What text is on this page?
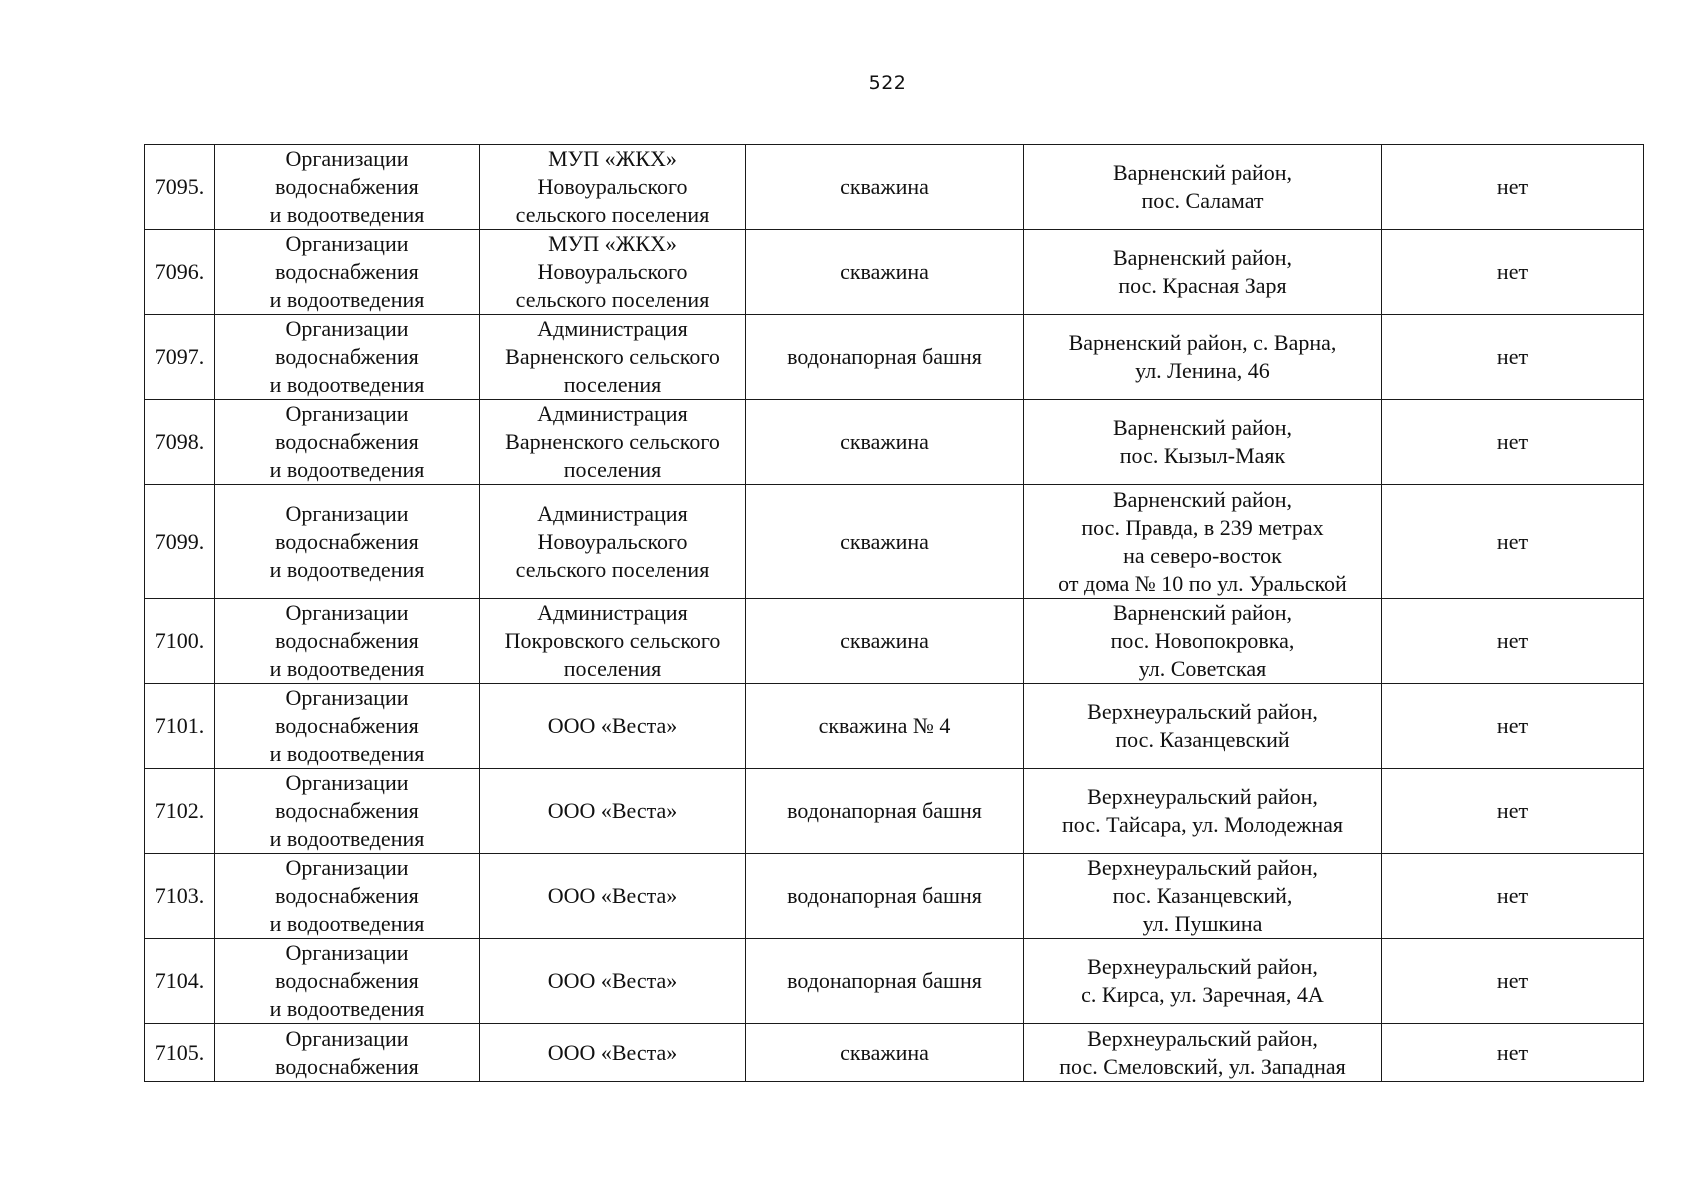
522
7095.	Организации
водоснабжения
и водоотведения	МУП «ЖКХ»
Новоуральского
сельского поселения	скважина	Варненский район,
пос. Саламат	нет
7096.	Организации
водоснабжения
и водоотведения	МУП «ЖКХ»
Новоуральского
сельского поселения	скважина	Варненский район,
пос. Красная Заря	нет
7097.	Организации
водоснабжения
и водоотведения	Администрация
Варненского сельского
поселения	водонапорная башня	Варненский район, с. Варна,
ул. Ленина, 46	нет
7098.	Организации
водоснабжения
и водоотведения	Администрация
Варненского сельского
поселения	скважина	Варненский район,
пос. Кызыл-Маяк	нет
7099.	Организации
водоснабжения
и водоотведения	Администрация
Новоуральского
сельского поселения	скважина	Варненский район,
пос. Правда, в 239 метрах
на северо-восток
от дома № 10 по ул. Уральской	нет
7100.	Организации
водоснабжения
и водоотведения	Администрация
Покровского сельского
поселения	скважина	Варненский район,
пос. Новопокровка,
ул. Советская	нет
7101.	Организации
водоснабжения
и водоотведения	ООО «Веста»	скважина № 4	Верхнеуральский район,
пос. Казанцевский	нет
7102.	Организации
водоснабжения
и водоотведения	ООО «Веста»	водонапорная башня	Верхнеуральский район,
пос. Тайсара, ул. Молодежная	нет
7103.	Организации
водоснабжения
и водоотведения	ООО «Веста»	водонапорная башня	Верхнеуральский район,
пос. Казанцевский,
ул. Пушкина	нет
7104.	Организации
водоснабжения
и водоотведения	ООО «Веста»	водонапорная башня	Верхнеуральский район,
с. Кирса, ул. Заречная, 4А	нет
7105.	Организации
водоснабжения	ООО «Веста»	скважина	Верхнеуральский район,
пос. Смеловский, ул. Западная	нет
